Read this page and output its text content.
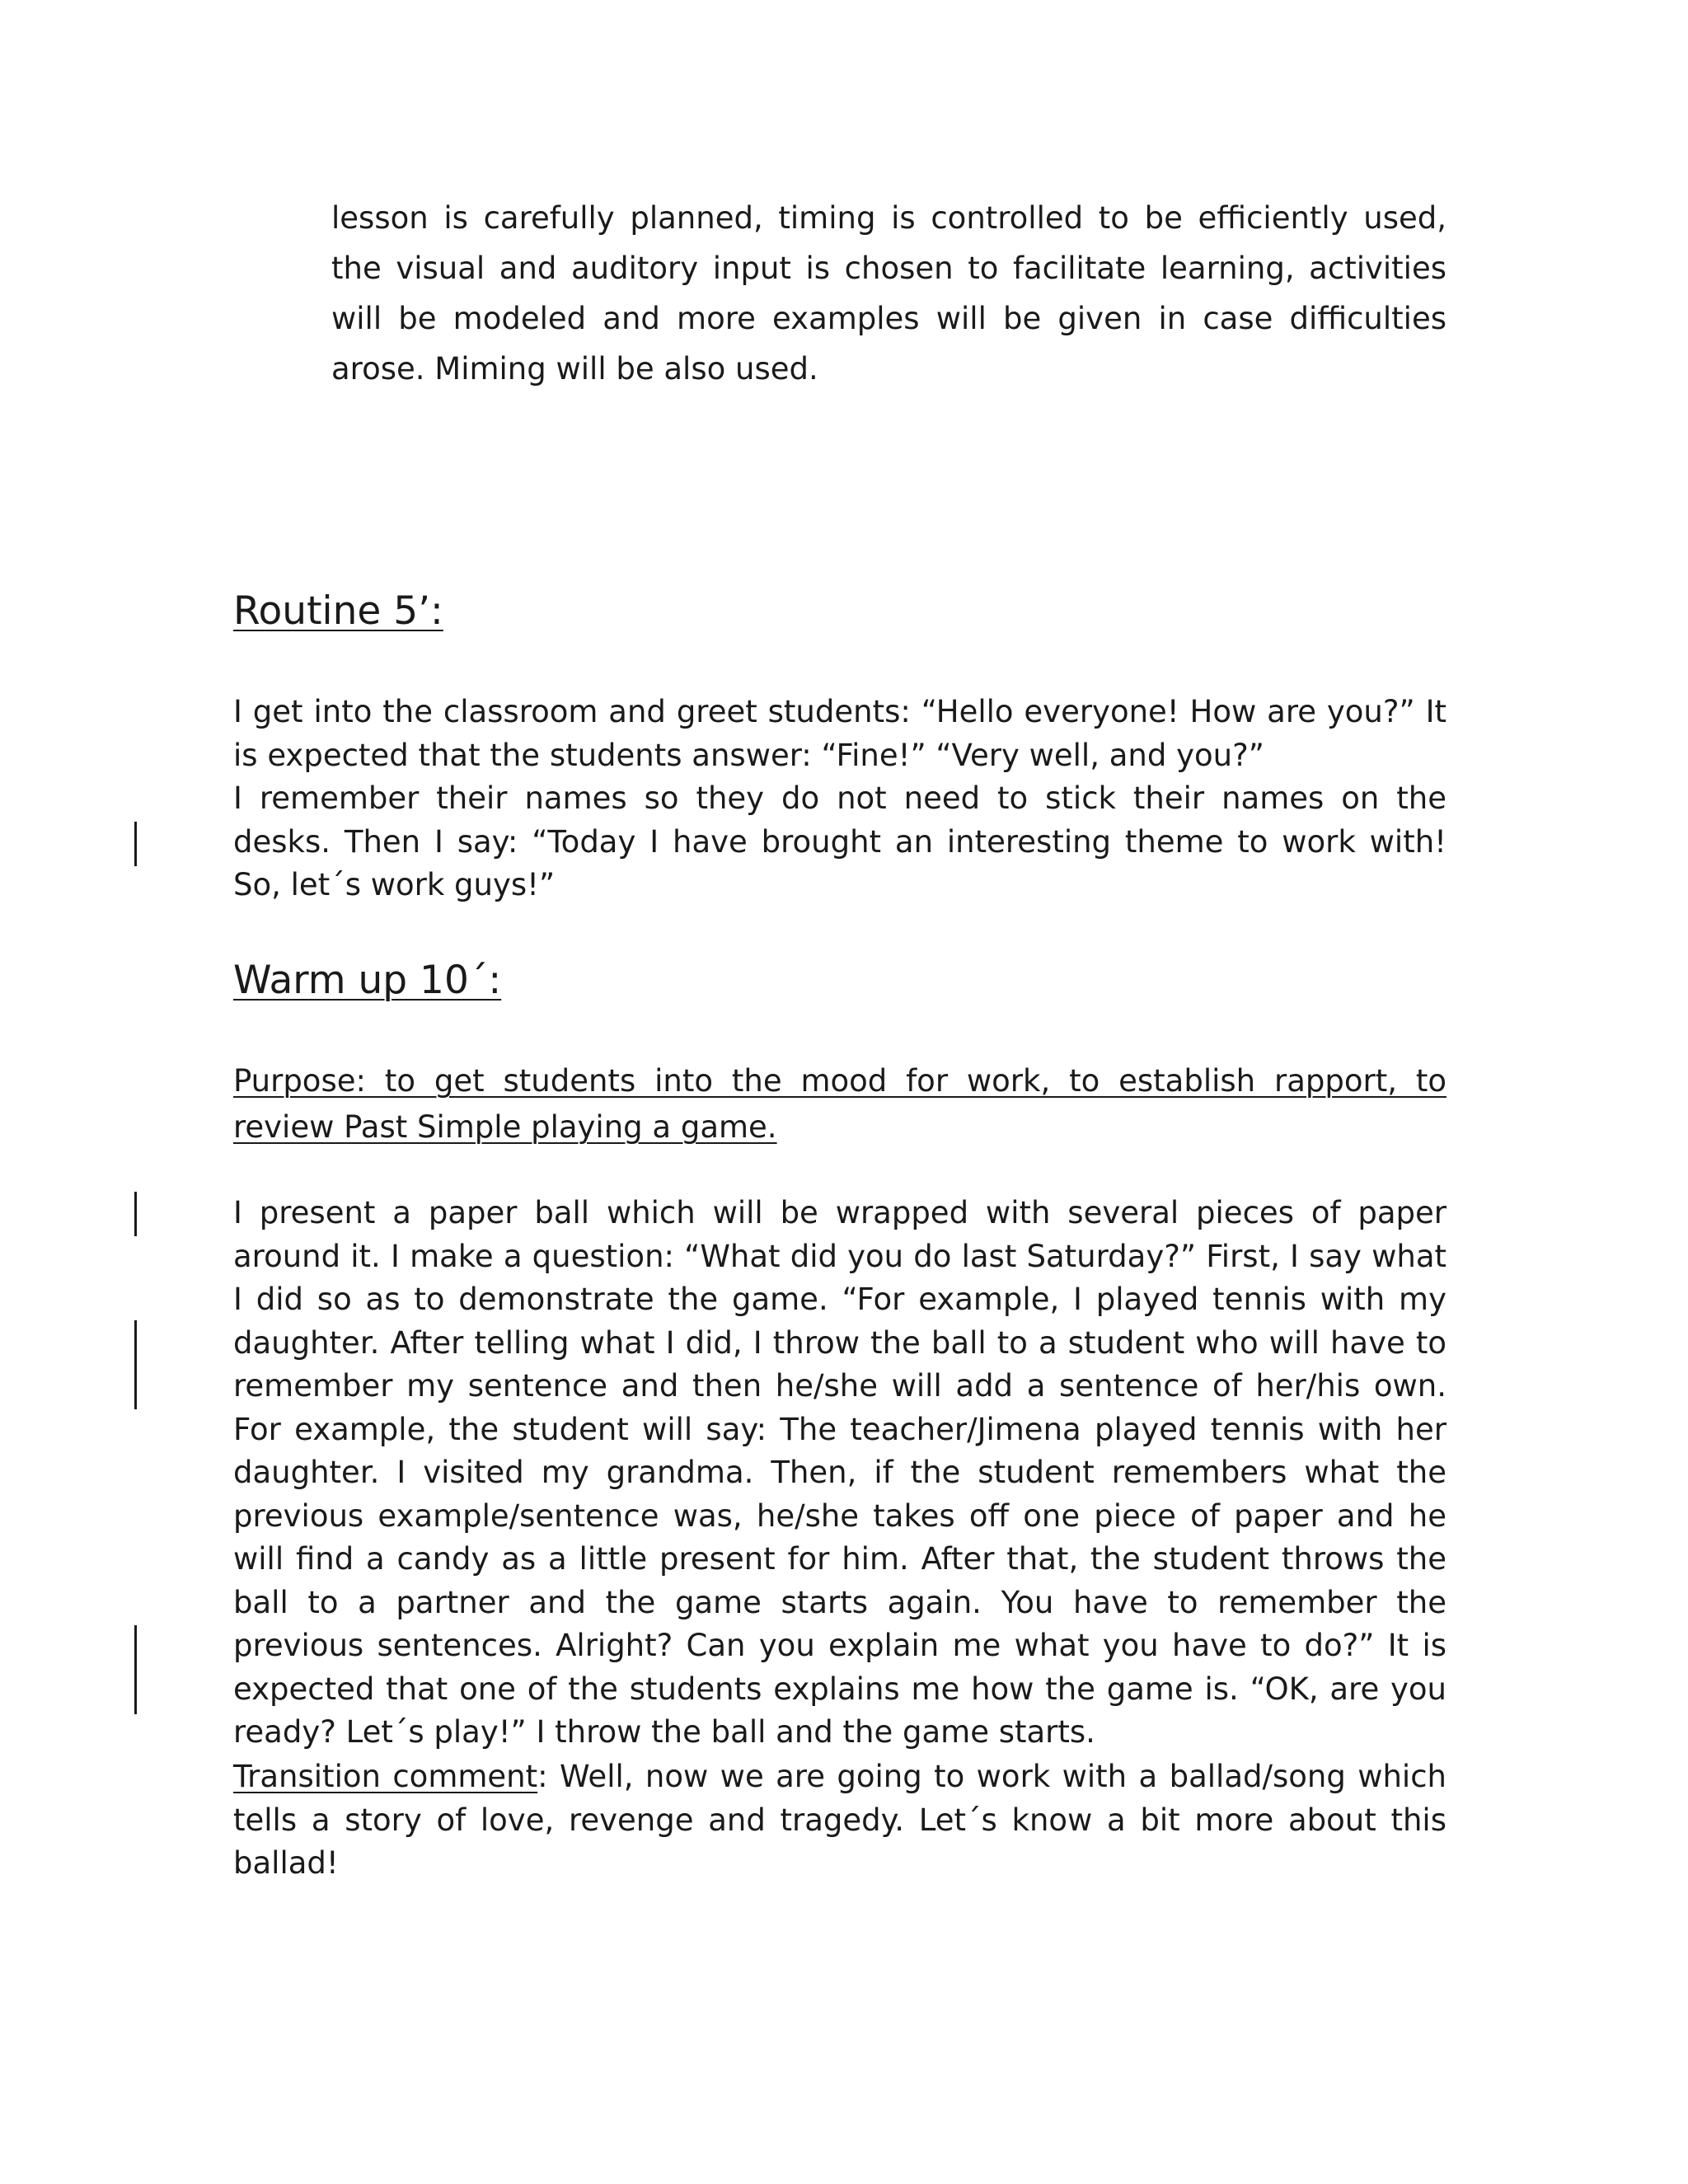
lesson is carefully planned, timing is controlled to be efficiently used, the visual and auditory input is chosen to facilitate learning, activities will be modeled and more examples will be given in case difficulties arose. Miming will be also used.

Routine 5’:
I get into the classroom and greet students: “Hello everyone! How are you?” It is expected that the students answer: “Fine!” “Very well, and you?”
I remember their names so they do not need to stick their names on the desks. Then I say: “Today I have brought an interesting theme to work with! So, let´s work guys!”
Warm up 10´:

Purpose: to get students into the mood for work, to establish rapport, to review Past Simple playing a game.

I present a paper ball which will be wrapped with several pieces of paper around it. I make a question: “What did you do last Saturday?” First, I say what I did so as to demonstrate the game. “For example, I played tennis with my daughter. After telling what I did, I throw the ball to a student who will have to remember my sentence and then he/she will add a sentence of her/his own. For example, the student will say: The teacher/Jimena played tennis with her daughter. I visited my grandma. Then, if the student remembers what the previous example/sentence was, he/she takes off one piece of paper and he will find a candy as a little present for him. After that, the student throws the ball to a partner and the game starts again. You have to remember the previous sentences. Alright? Can you explain me what you have to do?” It is expected that one of the students explains me how the game is. “OK, are you ready? Let´s play!” I throw the ball and the game starts.

Transition comment: Well, now we are going to work with a ballad/song which tells a story of love, revenge and tragedy. Let´s know a bit more about this ballad!
